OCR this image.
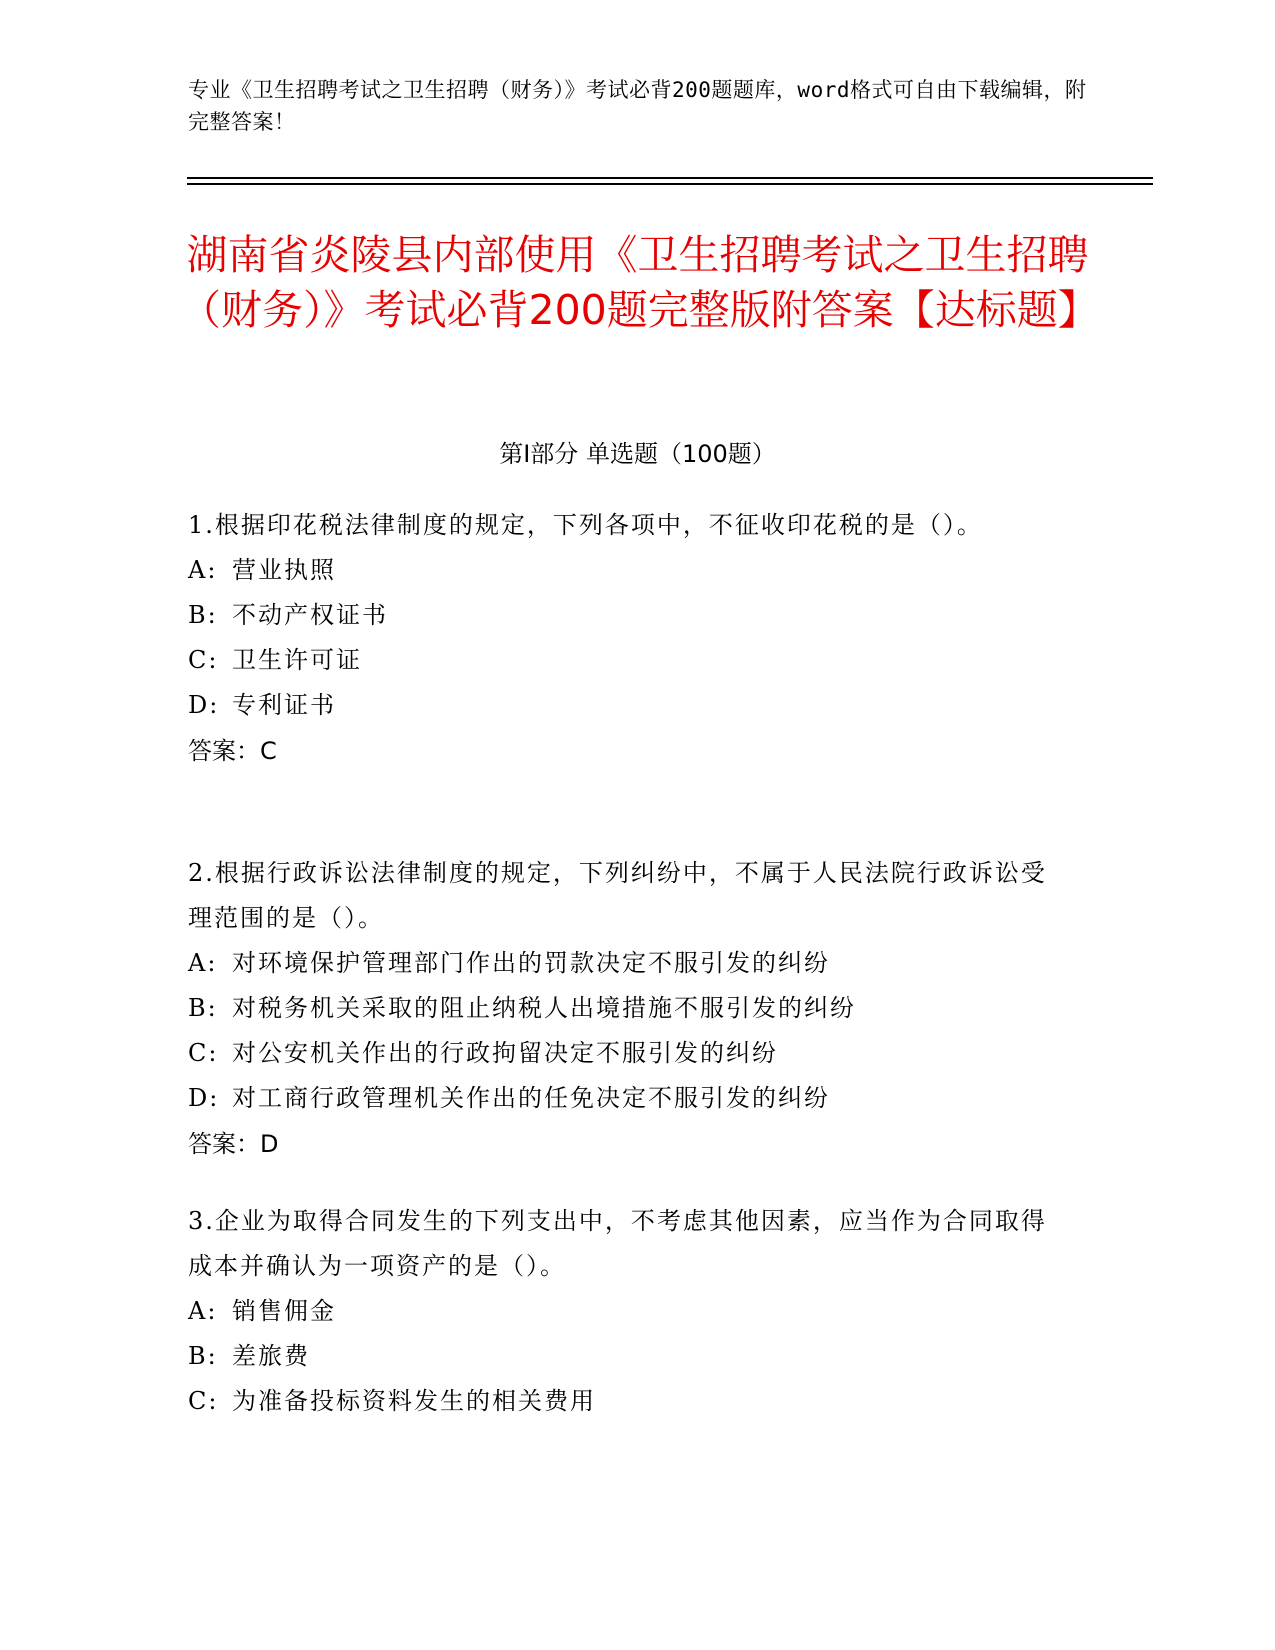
专业《卫生招聘考试之卫生招聘（财务）》考试必背200题题库，word格式可自由下载编辑，附完整答案！
湖南省炎陵县内部使用《卫生招聘考试之卫生招聘（财务）》考试必背200题完整版附答案【达标题】
第I部分 单选题（100题）

1.根据印花税法律制度的规定，下列各项中，不征收印花税的是（）。

A: 营业执照

B: 不动产权证书

C: 卫生许可证

D: 专利证书

答案：C

2.根据行政诉讼法律制度的规定，下列纠纷中，不属于人民法院行政诉讼受理范围的是（）。

A: 对环境保护管理部门作出的罚款决定不服引发的纠纷

B: 对税务机关采取的阻止纳税人出境措施不服引发的纠纷

C: 对公安机关作出的行政拘留决定不服引发的纠纷

D: 对工商行政管理机关作出的任免决定不服引发的纠纷

答案：D

3.企业为取得合同发生的下列支出中，不考虑其他因素，应当作为合同取得成本并确认为一项资产的是（）。

A: 销售佣金

B: 差旅费

C: 为准备投标资料发生的相关费用
